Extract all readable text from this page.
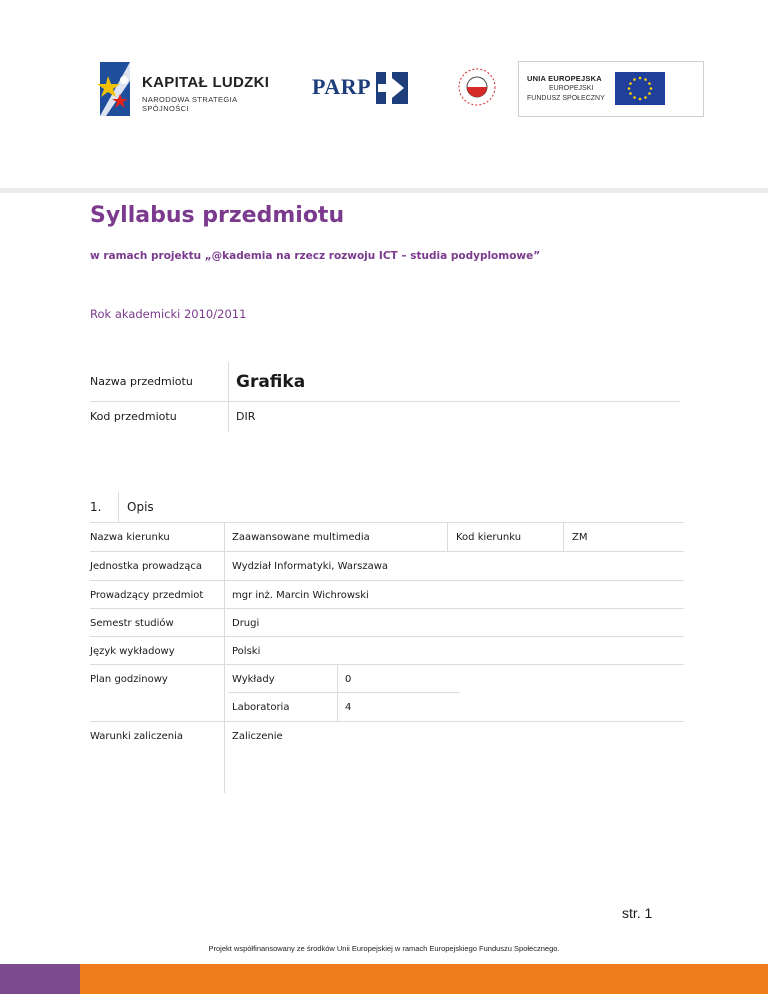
KAPITAŁ LUDZKI
NARODOWA STRATEGIA SPÓJNOŚCI
PARP	UNIA EUROPEJSKA
EUROPEJSKI
FUNDUSZ SPOŁECZNY
Syllabus przedmiotu
w ramach projektu „@kademia na rzecz rozwoju ICT – studia podyplomowe”
Rok akademicki 2010/2011
Nazwa przedmiotu	Grafika
Kod przedmiotu	DIR
1. Opis
Nazwa kierunku	Zaawansowane multimedia	Kod kierunku	ZM
Jednostka prowadząca	Wydział Informatyki, Warszawa
Prowadzący przedmiot	mgr inż. Marcin Wichrowski
Semestr studiów	Drugi
Język wykładowy	Polski
Plan godzinowy	Wykłady	0
Laboratoria	4
Warunki zaliczenia	Zaliczenie
str. 1
Projekt współfinansowany ze środków Unii Europejskiej w ramach Europejskiego Funduszu Społecznego.
